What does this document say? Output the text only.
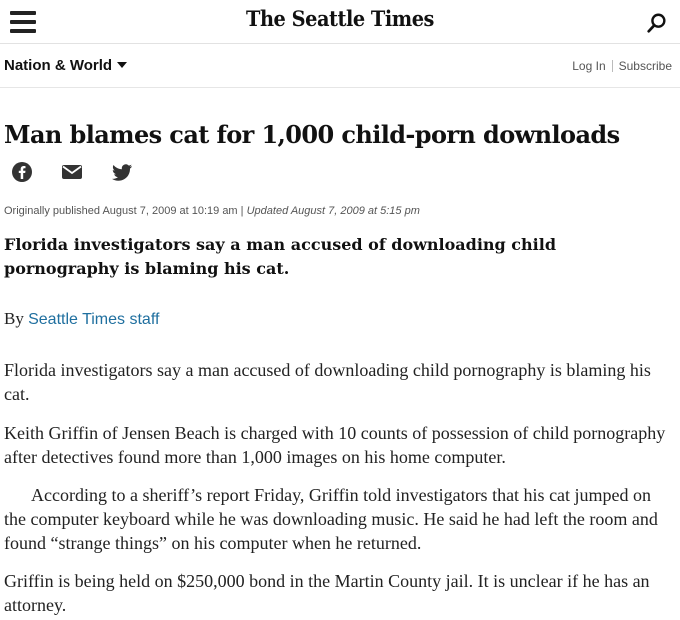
The Seattle Times
Nation & World	Log In Subscribe
Man blames cat for 1,000 child-porn downloads
Originally published August 7, 2009 at 10:19 am | Updated August 7, 2009 at 5:15 pm

Florida investigators say a man accused of downloading child pornography is blaming his cat.

By Seattle Times staff

Florida investigators say a man accused of downloading child pornography is blaming his cat.

Keith Griffin of Jensen Beach is charged with 10 counts of possession of child pornography after detectives found more than 1,000 images on his home computer.

According to a sheriff’s report Friday, Griffin told investigators that his cat jumped on the computer keyboard while he was downloading music. He said he had left the room and found “strange things” on his computer when he returned.

Griffin is being held on $250,000 bond in the Martin County jail. It is unclear if he has an attorney.
